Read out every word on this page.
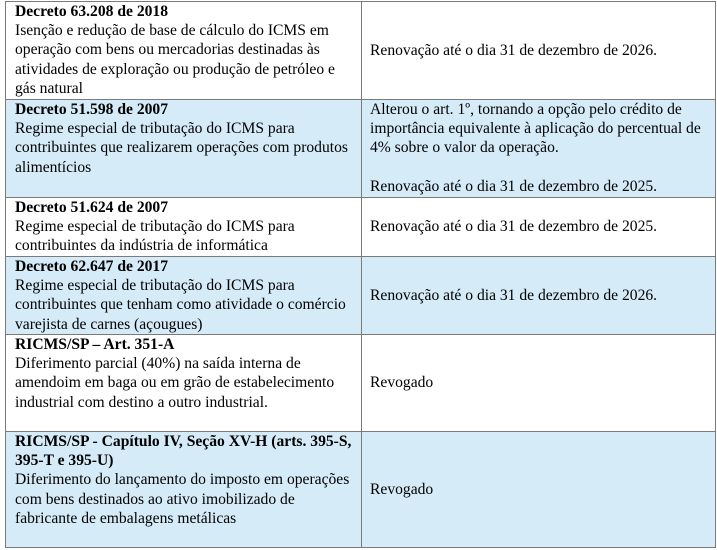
Decreto 63.208 de 2018
Isenção e redução de base de cálculo do ICMS em operação com bens ou mercadorias destinadas às atividades de exploração ou produção de petróleo e gás natural	Renovação até o dia 31 de dezembro de 2026.

Decreto 51.598 de 2007
Regime especial de tributação do ICMS para contribuintes que realizarem operações com produtos alimentícios	Alterou o art. 1º, tornando a opção pelo crédito de importância equivalente à aplicação do percentual de 4% sobre o valor da operação.
Renovação até o dia 31 de dezembro de 2025.

Decreto 51.624 de 2007
Regime especial de tributação do ICMS para contribuintes da indústria de informática	Renovação até o dia 31 de dezembro de 2025.

Decreto 62.647 de 2017
Regime especial de tributação do ICMS para contribuintes que tenham como atividade o comércio varejista de carnes (açougues)	Renovação até o dia 31 de dezembro de 2026.

RICMS/SP – Art. 351-A
Diferimento parcial (40%) na saída interna de amendoim em baga ou em grão de estabelecimento industrial com destino a outro industrial.	Revogado

RICMS/SP - Capítulo IV, Seção XV-H (arts. 395-S, 395-T e 395-U)
Diferimento do lançamento do imposto em operações com bens destinados ao ativo imobilizado de fabricante de embalagens metálicas	Revogado
